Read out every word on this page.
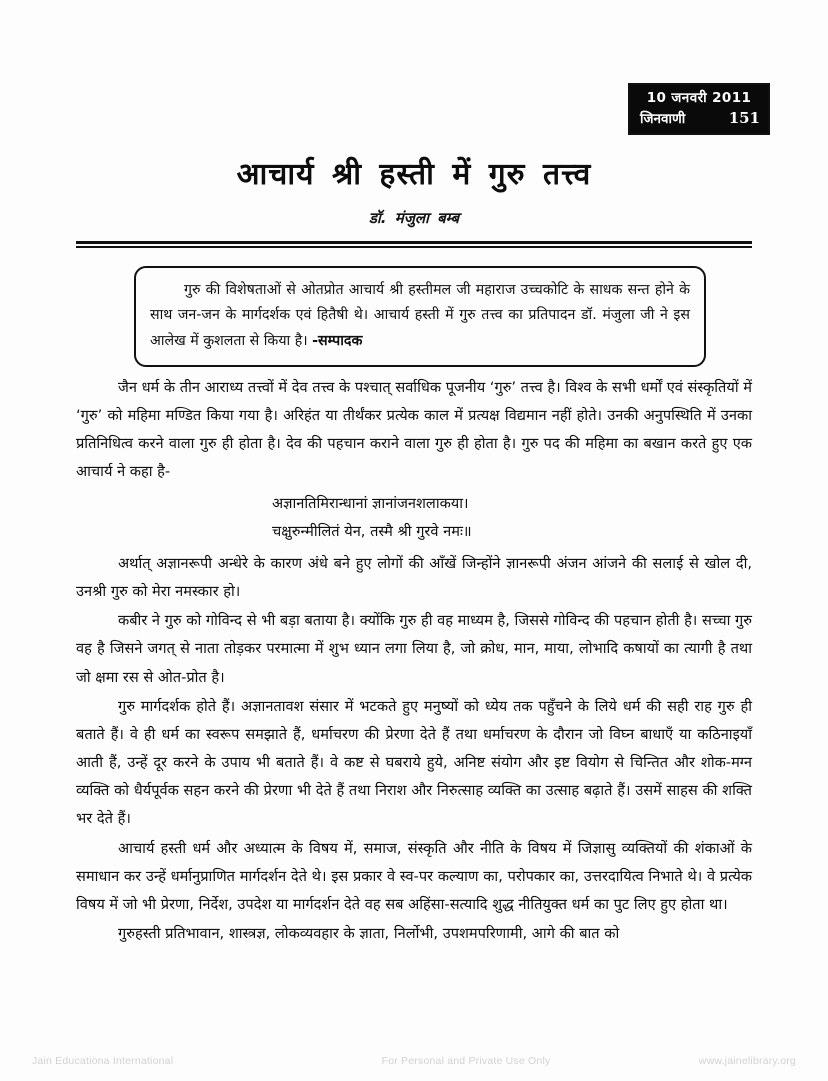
10 जनवरी 2011
जिनवाणी	151
आचार्य श्री हस्ती में गुरु तत्त्व
डॉ. मंजुला बम्ब

गुरु की विशेषताओं से ओतप्रोत आचार्य श्री हस्तीमल जी महाराज उच्चकोटि के साधक सन्त होने के साथ जन-जन के मार्गदर्शक एवं हितैषी थे। आचार्य हस्ती में गुरु तत्त्व का प्रतिपादन डॉ. मंजुला जी ने इस आलेख में कुशलता से किया है। -सम्पादक

जैन धर्म के तीन आराध्य तत्त्वों में देव तत्त्व के पश्चात् सर्वाधिक पूजनीय ‘गुरु’ तत्त्व है। विश्व के सभी धर्मों एवं संस्कृतियों में ‘गुरु’ को महिमा मण्डित किया गया है। अरिहंत या तीर्थंकर प्रत्येक काल में प्रत्यक्ष विद्यमान नहीं होते। उनकी अनुपस्थिति में उनका प्रतिनिधित्व करने वाला गुरु ही होता है। देव की पहचान कराने वाला गुरु ही होता है। गुरु पद की महिमा का बखान करते हुए एक आचार्य ने कहा है-

अज्ञानतिमिरान्धानां ज्ञानांजनशलाकया।
चक्षुरुन्मीलितं येन, तस्मै श्री गुरवे नमः॥

अर्थात् अज्ञानरूपी अन्धेरे के कारण अंधे बने हुए लोगों की आँखें जिन्होंने ज्ञानरूपी अंजन आंजने की सलाई से खोल दी, उनश्री गुरु को मेरा नमस्कार हो।

कबीर ने गुरु को गोविन्द से भी बड़ा बताया है। क्योंकि गुरु ही वह माध्यम है, जिससे गोविन्द की पहचान होती है। सच्चा गुरु वह है जिसने जगत् से नाता तोड़कर परमात्मा में शुभ ध्यान लगा लिया है, जो क्रोध, मान, माया, लोभादि कषायों का त्यागी है तथा जो क्षमा रस से ओत-प्रोत है।

गुरु मार्गदर्शक होते हैं। अज्ञानतावश संसार में भटकते हुए मनुष्यों को ध्येय तक पहुँचने के लिये धर्म की सही राह गुरु ही बताते हैं। वे ही धर्म का स्वरूप समझाते हैं, धर्माचरण की प्रेरणा देते हैं तथा धर्माचरण के दौरान जो विघ्न बाधाएँ या कठिनाइयाँ आती हैं, उन्हें दूर करने के उपाय भी बताते हैं। वे कष्ट से घबराये हुये, अनिष्ट संयोग और इष्ट वियोग से चिन्तित और शोक-मग्न व्यक्ति को धैर्यपूर्वक सहन करने की प्रेरणा भी देते हैं तथा निराश और निरुत्साह व्यक्ति का उत्साह बढ़ाते हैं। उसमें साहस की शक्ति भर देते हैं।

आचार्य हस्ती धर्म और अध्यात्म के विषय में, समाज, संस्कृति और नीति के विषय में जिज्ञासु व्यक्तियों की शंकाओं के समाधान कर उन्हें धर्मानुप्राणित मार्गदर्शन देते थे। इस प्रकार वे स्व-पर कल्याण का, परोपकार का, उत्तरदायित्व निभाते थे। वे प्रत्येक विषय में जो भी प्रेरणा, निर्देश, उपदेश या मार्गदर्शन देते वह सब अहिंसा-सत्यादि शुद्ध नीतियुक्त धर्म का पुट लिए हुए होता था।

गुरुहस्ती प्रतिभावान, शास्त्रज्ञ, लोकव्यवहार के ज्ञाता, निर्लोभी, उपशमपरिणामी, आगे की बात को

Jain Educationa International	For Personal and Private Use Only	www.jainelibrary.org
